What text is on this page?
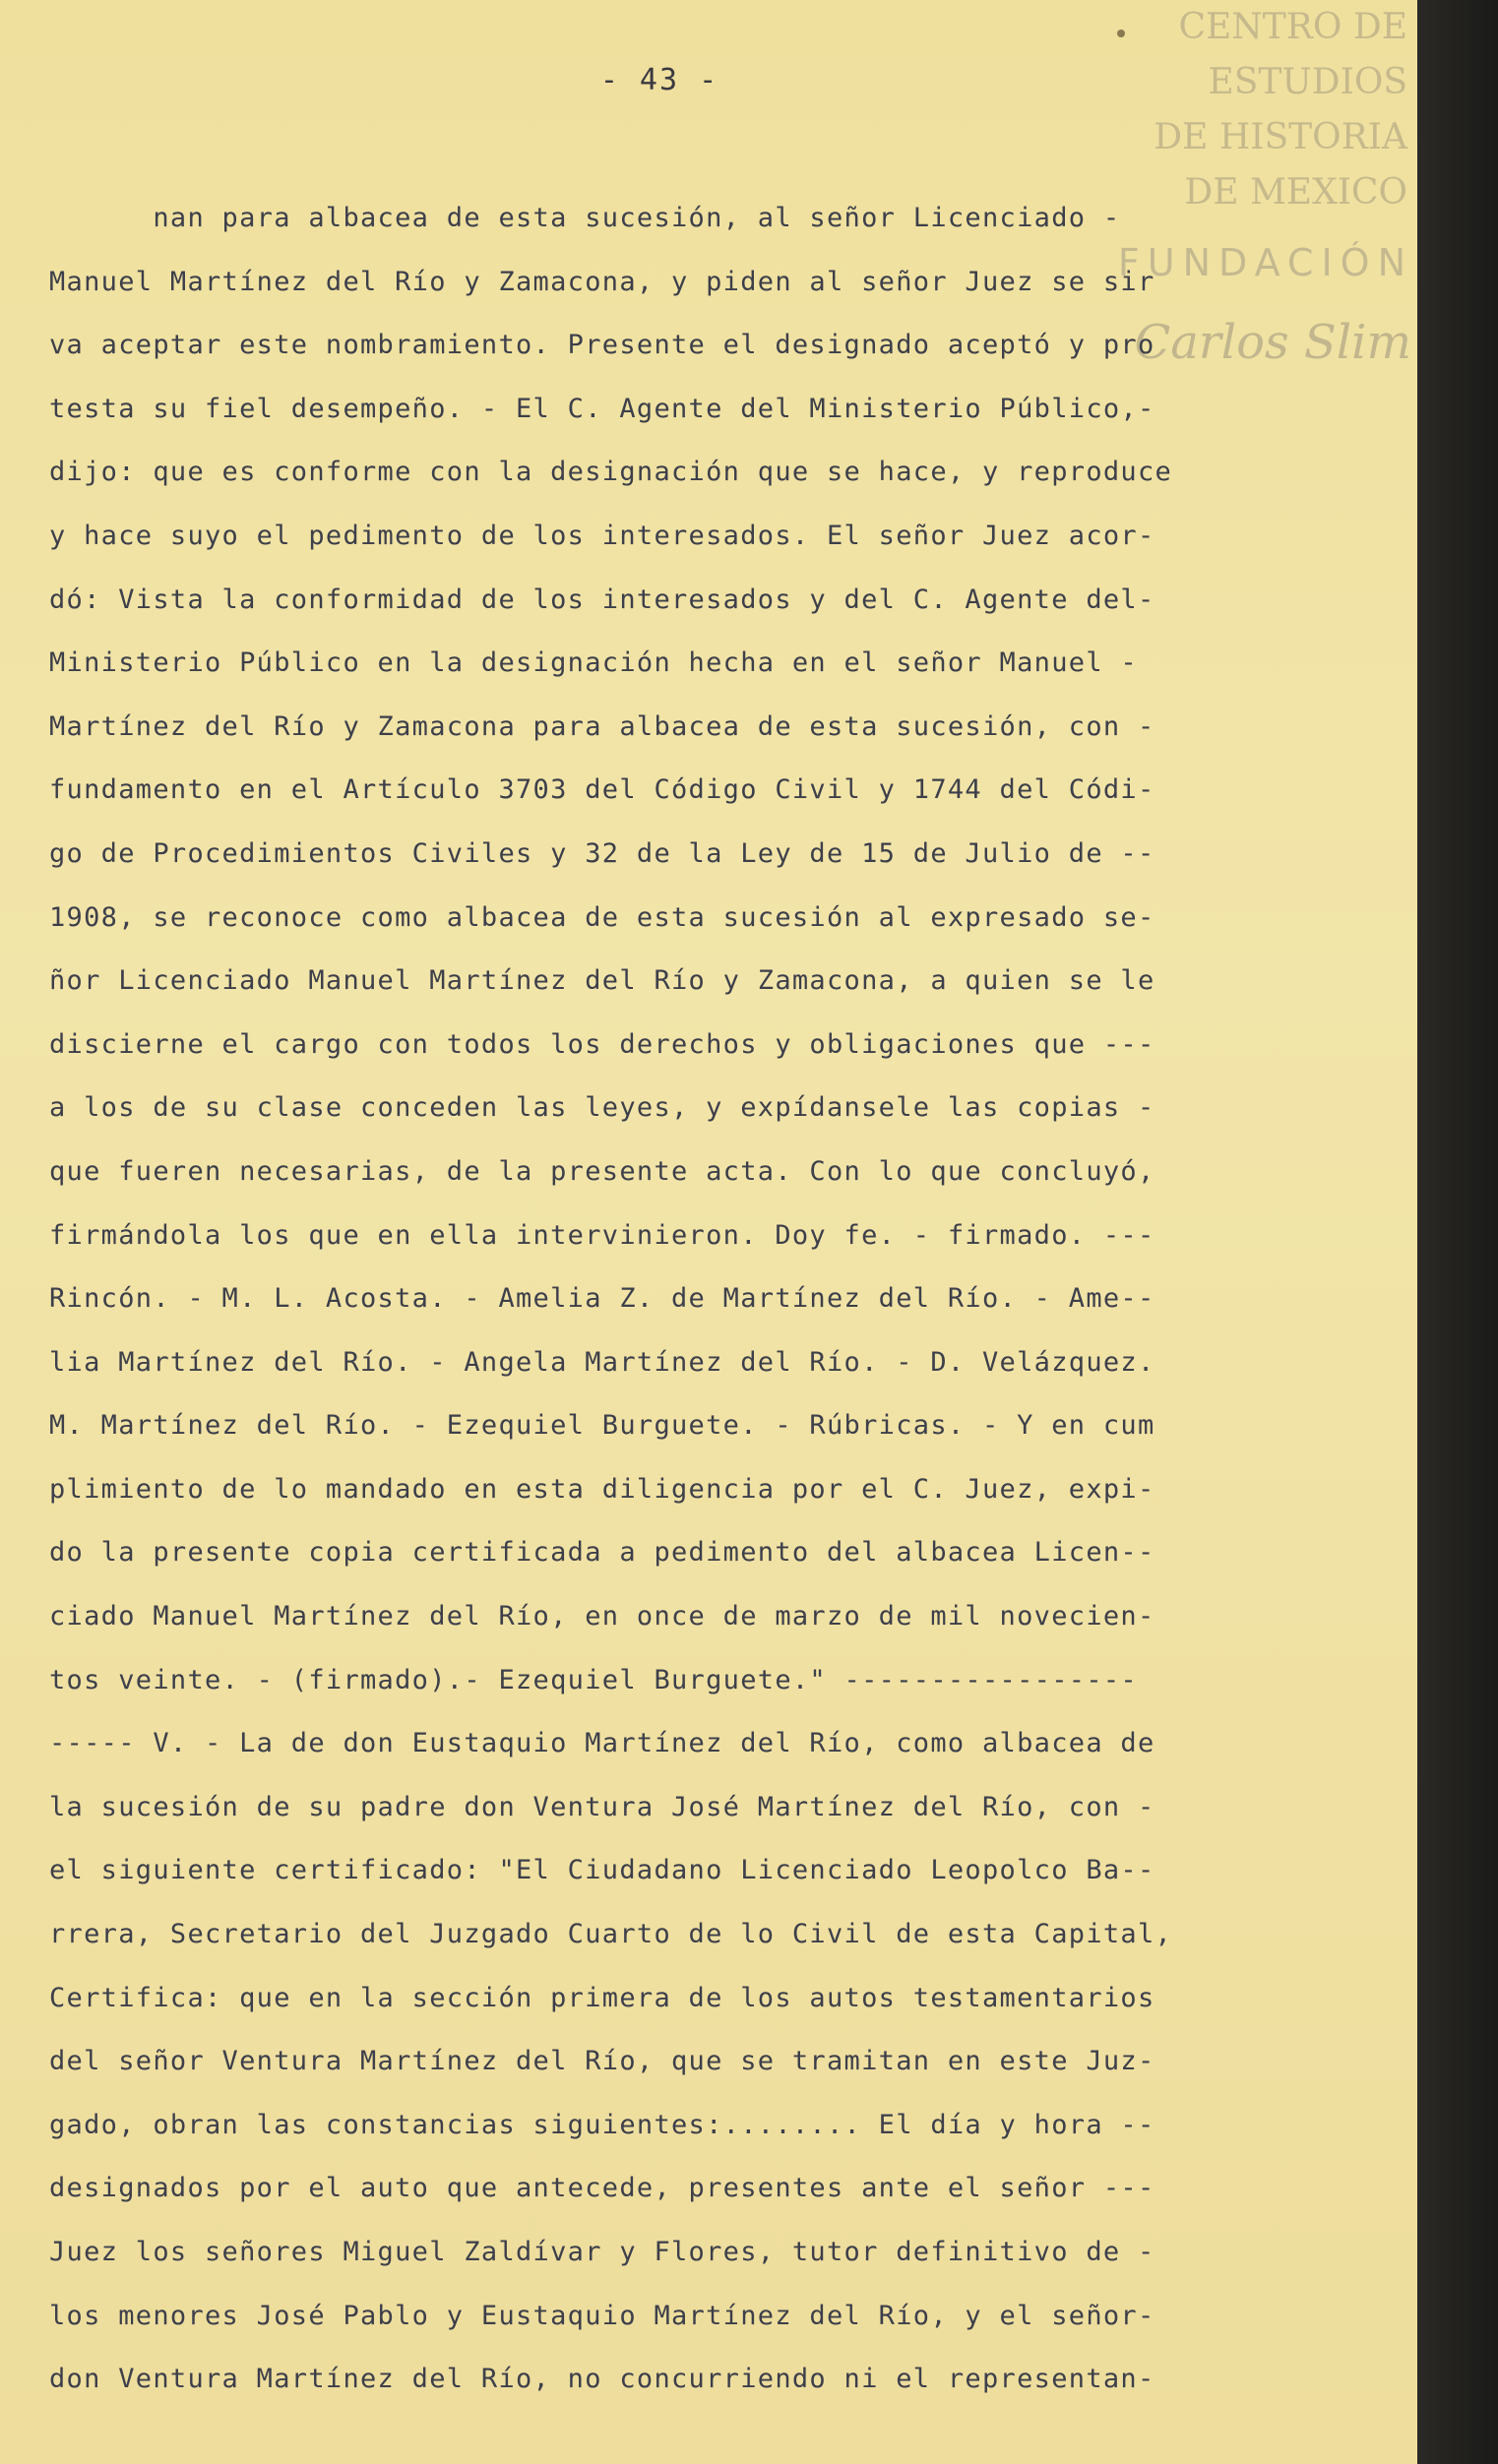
- 43 -
CENTRO DE
ESTUDIOS
DE HISTORIA
DE MEXICO
FUNDACIÓN
Carlos Slim
nan para albacea de esta sucesión, al señor Licenciado -
Manuel Martínez del Río y Zamacona, y piden al señor Juez se sir
va aceptar este nombramiento. Presente el designado aceptó y pro
testa su fiel desempeño. - El C. Agente del Ministerio Público,-
dijo: que es conforme con la designación que se hace, y reproduce
y hace suyo el pedimento de los interesados. El señor Juez acor-
dó: Vista la conformidad de los interesados y del C. Agente del-
Ministerio Público en la designación hecha en el señor Manuel -
Martínez del Río y Zamacona para albacea de esta sucesión, con -
fundamento en el Artículo 3703 del Código Civil y 1744 del Códi-
go de Procedimientos Civiles y 32 de la Ley de 15 de Julio de --
1908, se reconoce como albacea de esta sucesión al expresado se-
ñor Licenciado Manuel Martínez del Río y Zamacona, a quien se le
discierne el cargo con todos los derechos y obligaciones que ---
a los de su clase conceden las leyes, y expídansele las copias -
que fueren necesarias, de la presente acta. Con lo que concluyó,
firmándola los que en ella intervinieron. Doy fe. - firmado. ---
Rincón. - M. L. Acosta. - Amelia Z. de Martínez del Río. - Ame--
lia Martínez del Río. - Angela Martínez del Río. - D. Velázquez.
M. Martínez del Río. - Ezequiel Burguete. - Rúbricas. - Y en cum
plimiento de lo mandado en esta diligencia por el C. Juez, expi-
do la presente copia certificada a pedimento del albacea Licen--
ciado Manuel Martínez del Río, en once de marzo de mil novecien-
tos veinte. - (firmado).- Ezequiel Burguete." -----------------
----- V. - La de don Eustaquio Martínez del Río, como albacea de
la sucesión de su padre don Ventura José Martínez del Río, con -
el siguiente certificado: "El Ciudadano Licenciado Leopolco Ba--
rrera, Secretario del Juzgado Cuarto de lo Civil de esta Capital,
Certifica: que en la sección primera de los autos testamentarios
del señor Ventura Martínez del Río, que se tramitan en este Juz-
gado, obran las constancias siguientes:........ El día y hora --
designados por el auto que antecede, presentes ante el señor ---
Juez los señores Miguel Zaldívar y Flores, tutor definitivo de -
los menores José Pablo y Eustaquio Martínez del Río, y el señor-
don Ventura Martínez del Río, no concurriendo ni el representan-
